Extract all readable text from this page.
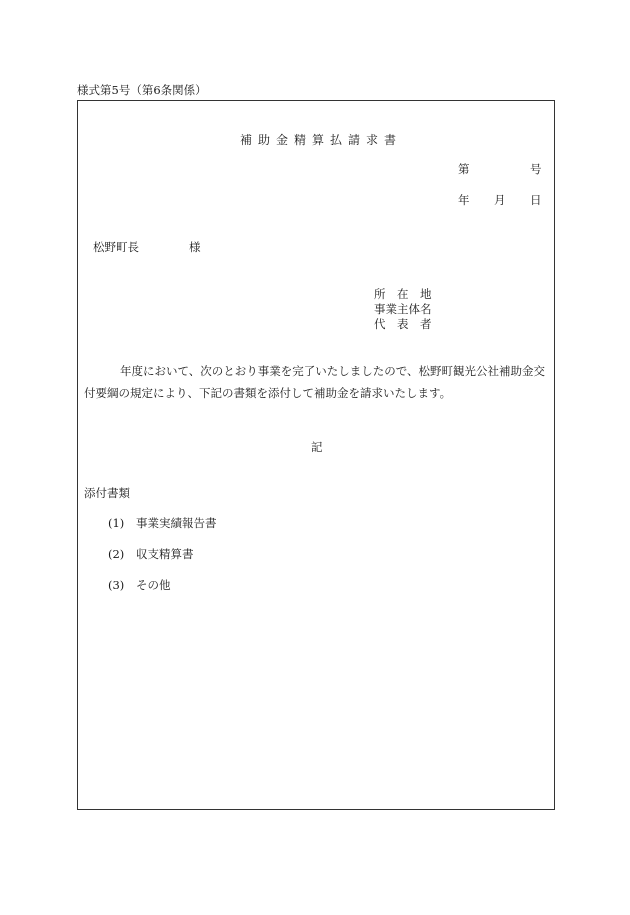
様式第5号（第6条関係）
補助金精算払請求書
第	号
年 月 日
松野町長	様
所　在　地
事業主体名
代　表　者
年度において、次のとおり事業を完了いたしましたので、松野町観光公社補助金交
付要綱の規定により、下記の書類を添付して補助金を請求いたします。
記
添付書類
(1) 事業実績報告書
(2) 収支精算書
(3) その他
